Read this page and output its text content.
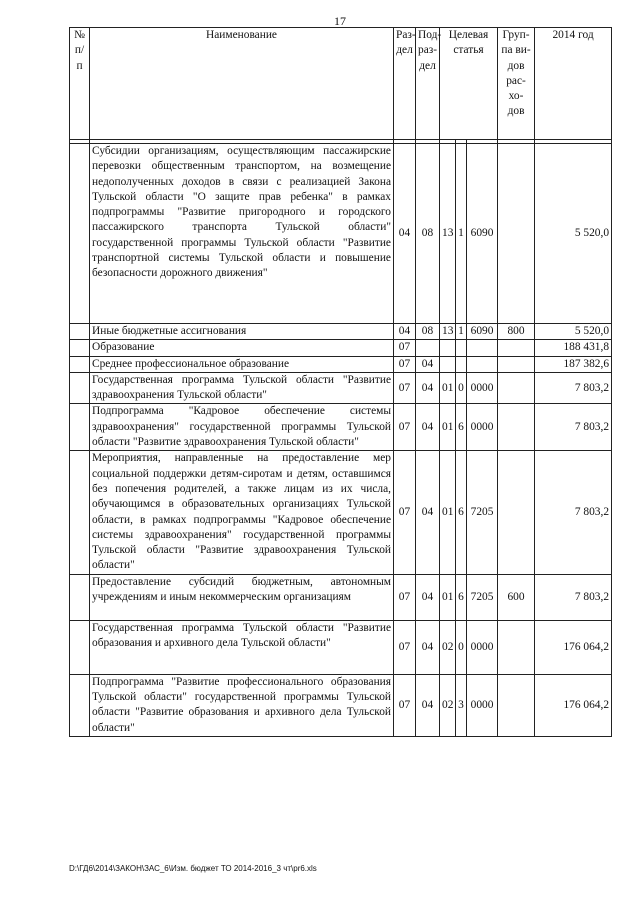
17
№ п/ п	Наименование	Раз- дел	Под- раз- дел	Целевая статья			Груп- па ви- дов рас- хо- дов	2014 год

	Субсидии организациям, осуществляющим пассажирские перевозки общественным транспортом, на возмещение недополученных доходов в связи с реализацией Закона Тульской области "О защите прав ребенка" в рамках подпрограммы "Развитие пригородного и городского пассажирского транспорта Тульской области" государственной программы Тульской области "Развитие транспортной системы Тульской области и повышение безопасности дорожного движения"	04	08	13	1	6090		5 520,0
	Иные бюджетные ассигнования	04	08	13	1	6090	800	5 520,0
	Образование	07						188 431,8
	Среднее профессиональное образование	07	04					187 382,6
	Государственная программа Тульской области "Развитие здравоохранения Тульской области"	07	04	01	0	0000		7 803,2
	Подпрограмма "Кадровое обеспечение системы здравоохранения" государственной программы Тульской области "Развитие здравоохранения Тульской области"	07	04	01	6	0000		7 803,2
	Мероприятия, направленные на предоставление мер социальной поддержки детям-сиротам и детям, оставшимся без попечения родителей, а также лицам из их числа, обучающимся в образовательных организациях Тульской области, в рамках подпрограммы "Кадровое обеспечение системы здравоохранения" государственной программы Тульской области "Развитие здравоохранения Тульской области"	07	04	01	6	7205		7 803,2
	Предоставление субсидий бюджетным, автономным учреждениям и иным некоммерческим организациям	07	04	01	6	7205	600	7 803,2
	Государственная программа Тульской области "Развитие образования и архивного дела Тульской области"	07	04	02	0	0000		176 064,2
	Подпрограмма "Развитие профессионального образования Тульской области" государственной программы Тульской области "Развитие образования и архивного дела Тульской области"	07	04	02	3	0000		176 064,2
D:\ГД6\2014\ЗАКОН\ЗАС_6\Изм. бюджет ТО 2014-2016_3 чт\pr6.xls
